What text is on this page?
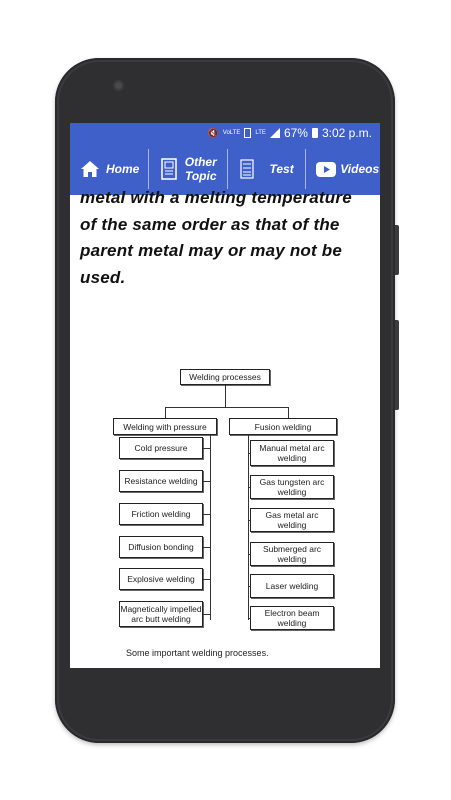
🔇 VoLTE	LTE 67% 3:02 p.m.
Home	Other
Topic	Test	Videos
metal with a melting temperature
of the same order as that of the
parent metal may or may not be
used.
Welding processes
Welding with pressure	Fusion welding
Cold pressure
Resistance welding
Friction welding
Diffusion bonding
Explosive welding
Magnetically impelled arc butt welding
Manual metal arc welding
Gas tungsten arc welding
Gas metal arc welding
Submerged arc welding
Laser welding
Electron beam welding
Some important welding processes.
